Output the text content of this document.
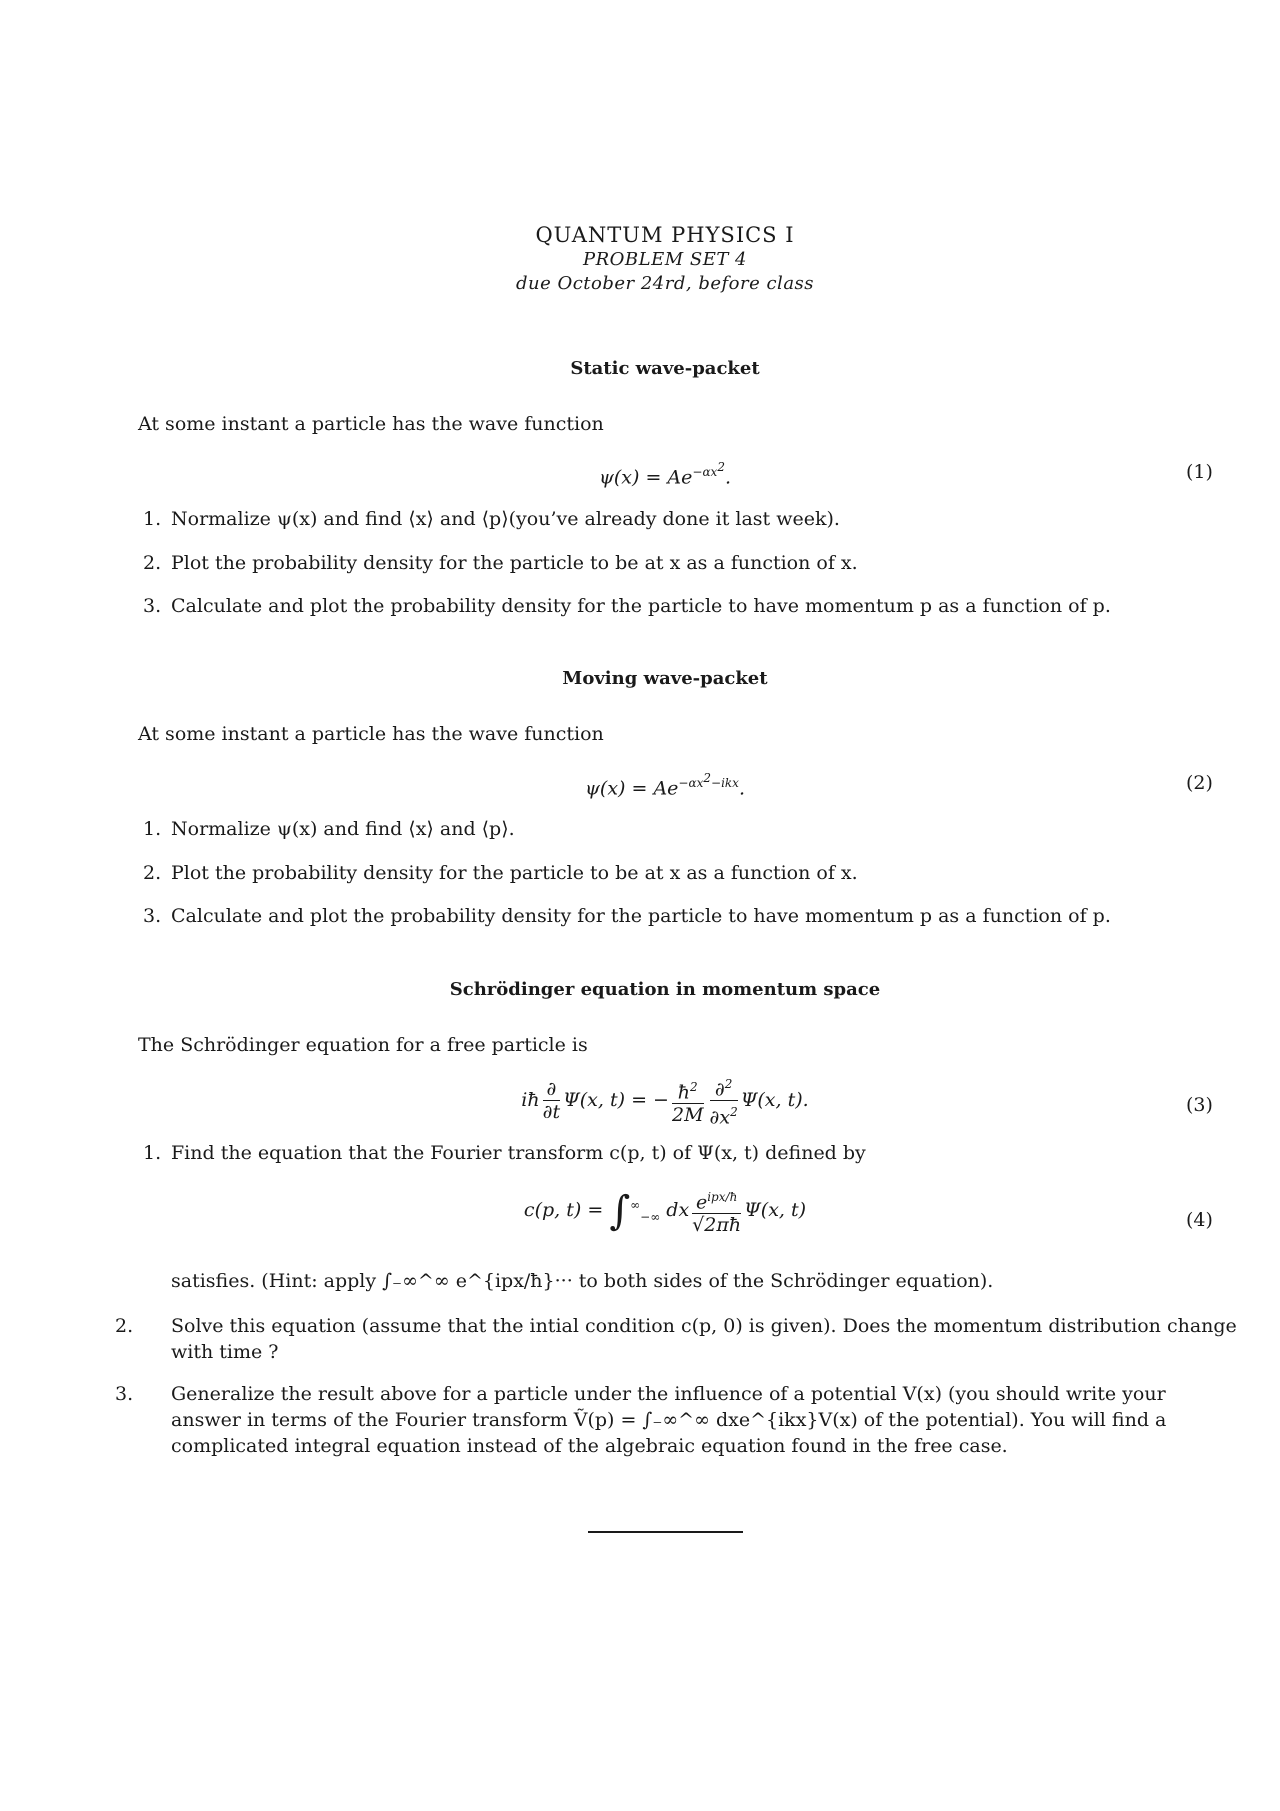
QUANTUM PHYSICS I
PROBLEM SET 4
due October 24rd, before class
Static wave-packet
At some instant a particle has the wave function
$\psi(x) = Ae^{-\alpha x^2}$.	(1)
1. Normalize ψ(x) and find ⟨x⟩ and ⟨p⟩(you’ve already done it last week).
2. Plot the probability density for the particle to be at x as a function of x.
3. Calculate and plot the probability density for the particle to have momentum p as a function of p.
Moving wave-packet
At some instant a particle has the wave function
$\psi(x) = Ae^{-\alpha x^2-ikx}$.	(2)
1. Normalize ψ(x) and find ⟨x⟩ and ⟨p⟩.
2. Plot the probability density for the particle to be at x as a function of x.
3. Calculate and plot the probability density for the particle to have momentum p as a function of p.
Schrödinger equation in momentum space
The Schrödinger equation for a free particle is
iħ $\frac{\partial}{\partial t} \Psi(x$, t) = − $\frac{ħ^2}{2M} \frac{\partial^2}{\partial x^2} \Psi(x$, t).	(3)
1. Find the equation that the Fourier transform c(p, t) of Ψ(x, t) defined by
c(p, $t) = \int^\infty_{-\infty}$ dx $\frac{e^{ipx/ħ}}{√2\pi ħ} \Psi(x$, t)	(4)
satisfies. (Hint: apply ∫₋∞^∞ e^{ipx/ħ}··· to both sides of the Schrödinger equation).
2. Solve this equation (assume that the intial condition c(p, 0) is given). Does the momentum distribution change with time ?
3. Generalize the result above for a particle under the influence of a potential V(x) (you should write your answer in terms of the Fourier transform Ṽ(p) = ∫₋∞^∞ dxe^{ikx}V(x) of the potential). You will find a complicated integral equation instead of the algebraic equation found in the free case.
